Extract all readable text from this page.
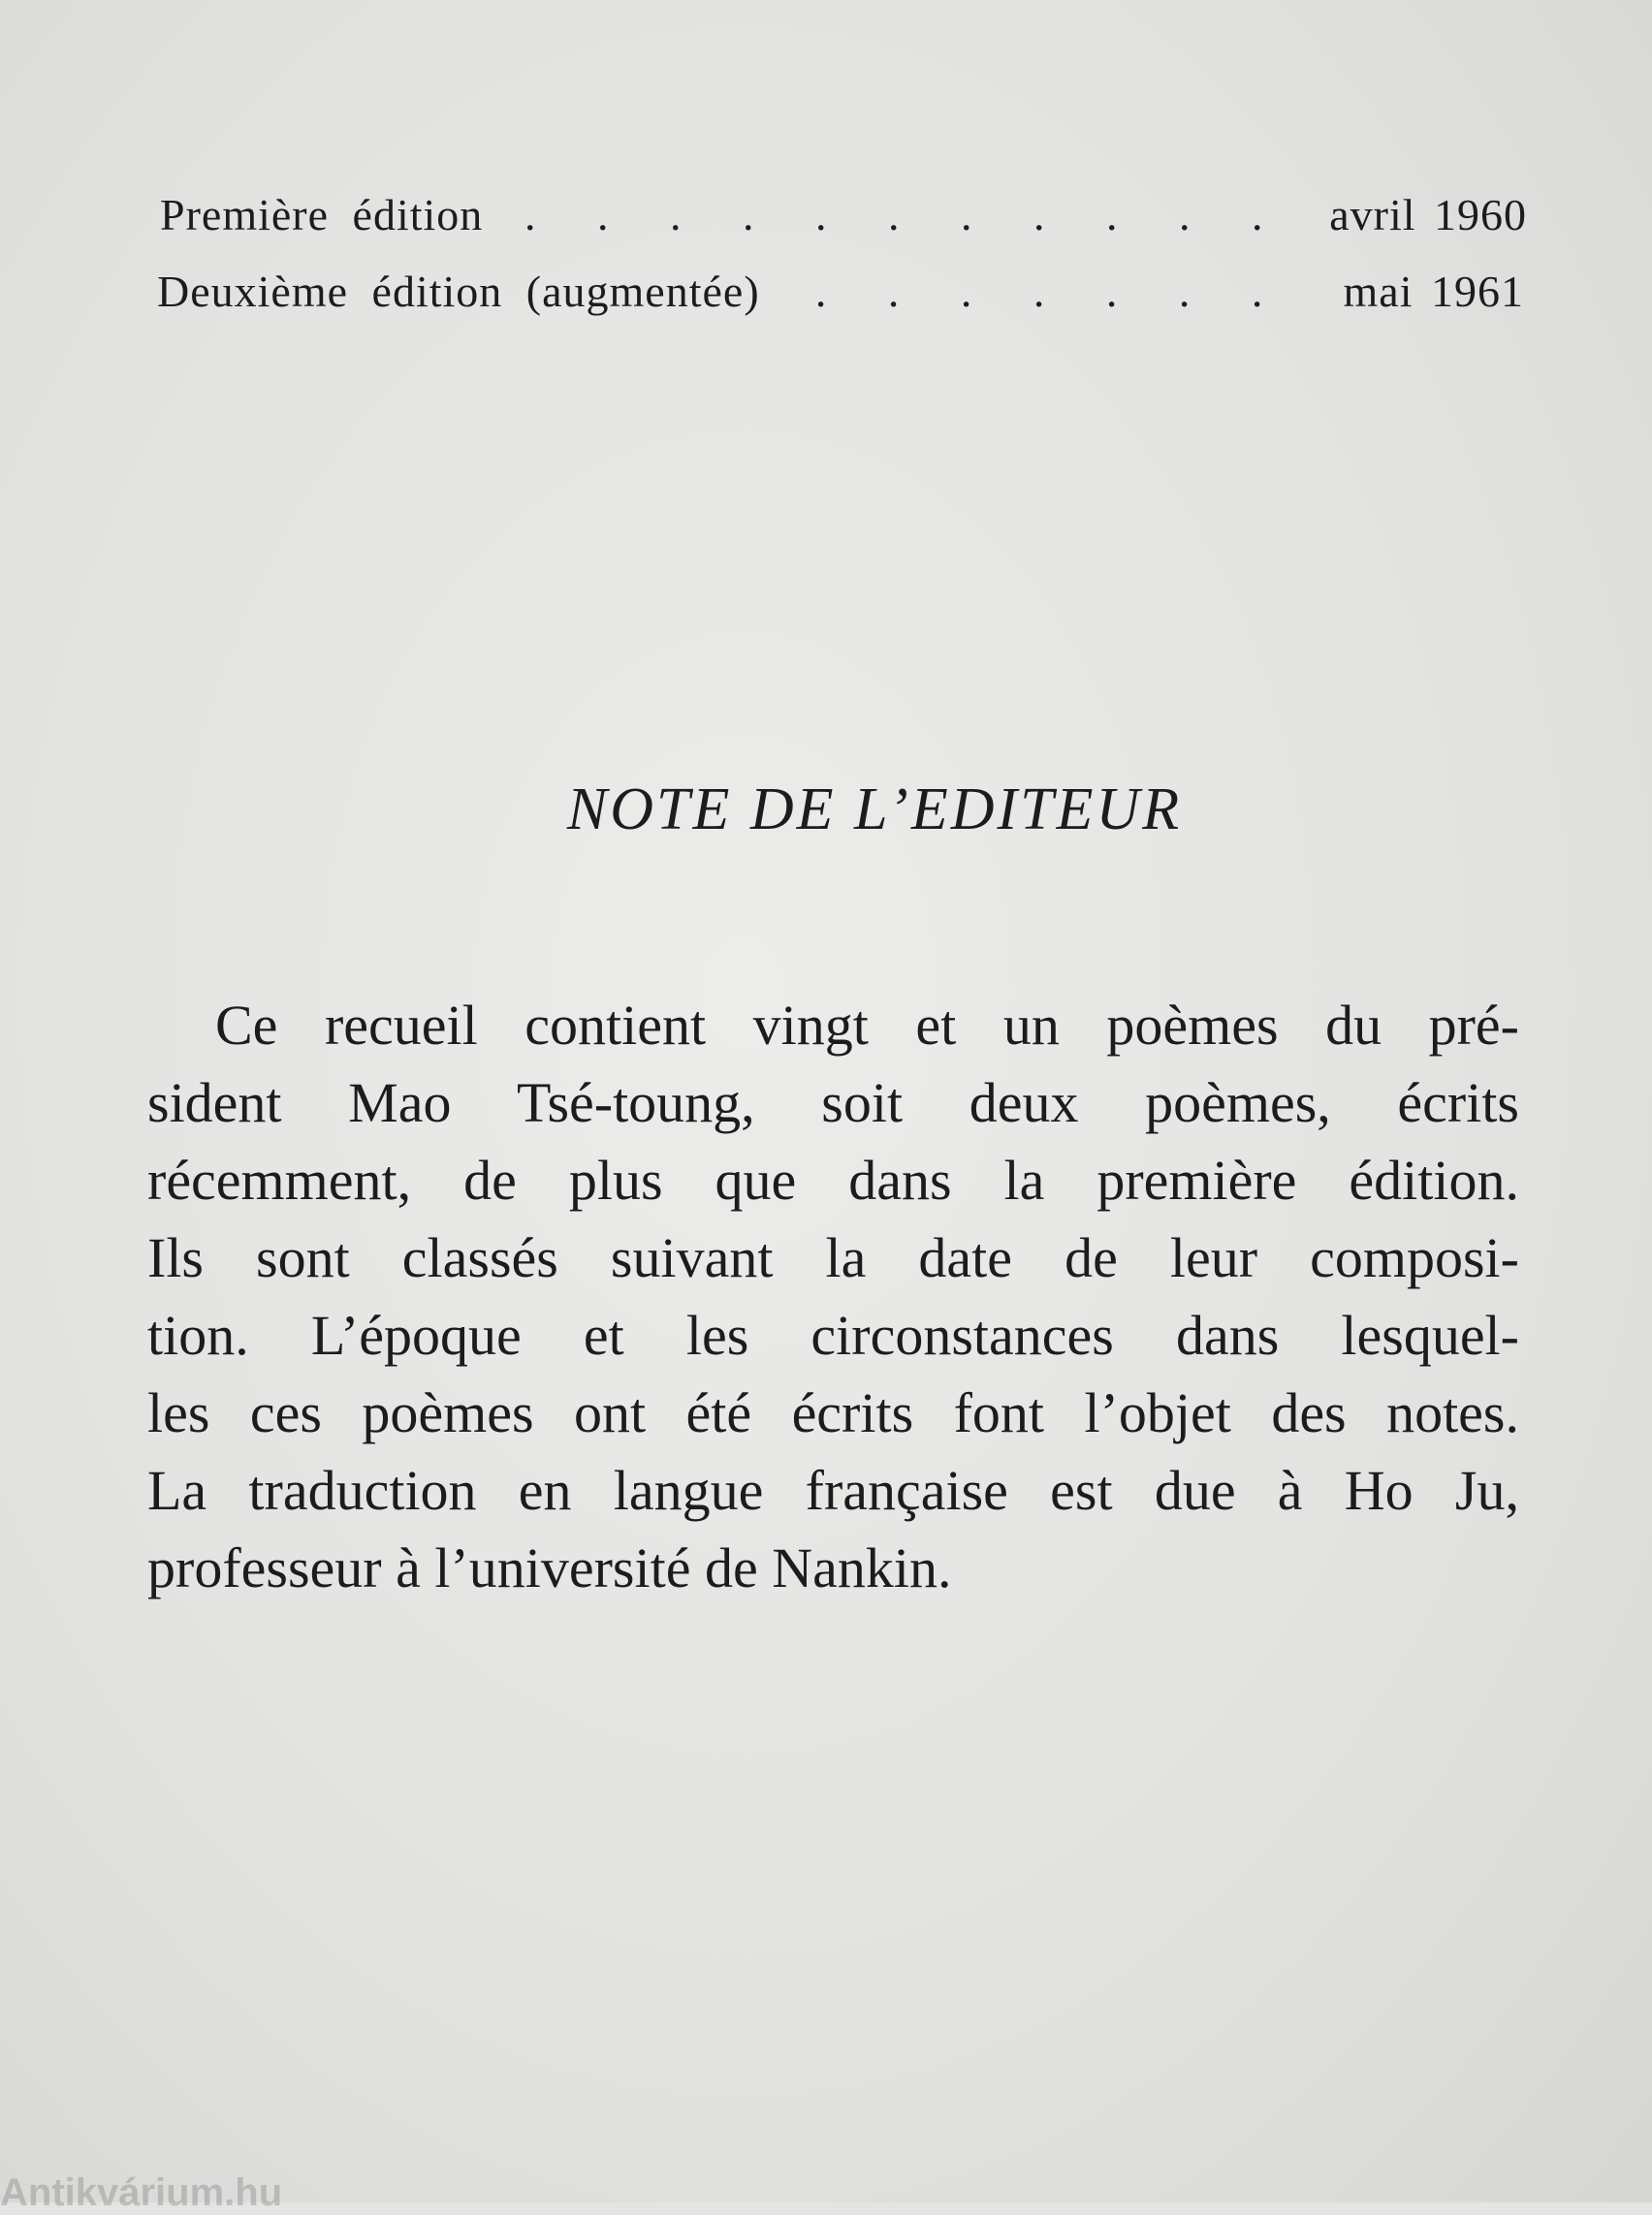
Première édition . . . . . . . . . . . avril 1960
Deuxième édition (augmentée)	. . . . . . .	mai 1961
NOTE DE L’EDITEUR
Ce recueil contient vingt et un poèmes du pré-
sident Mao Tsé-toung, soit deux poèmes, écrits
récemment, de plus que dans la première édition.
Ils sont classés suivant la date de leur composi-
tion. L’époque et les circonstances dans lesquel-
les ces poèmes ont été écrits font l’objet des notes.
La traduction en langue française est due à Ho Ju,
professeur à l’université de Nankin.
Antikvárium.hu
